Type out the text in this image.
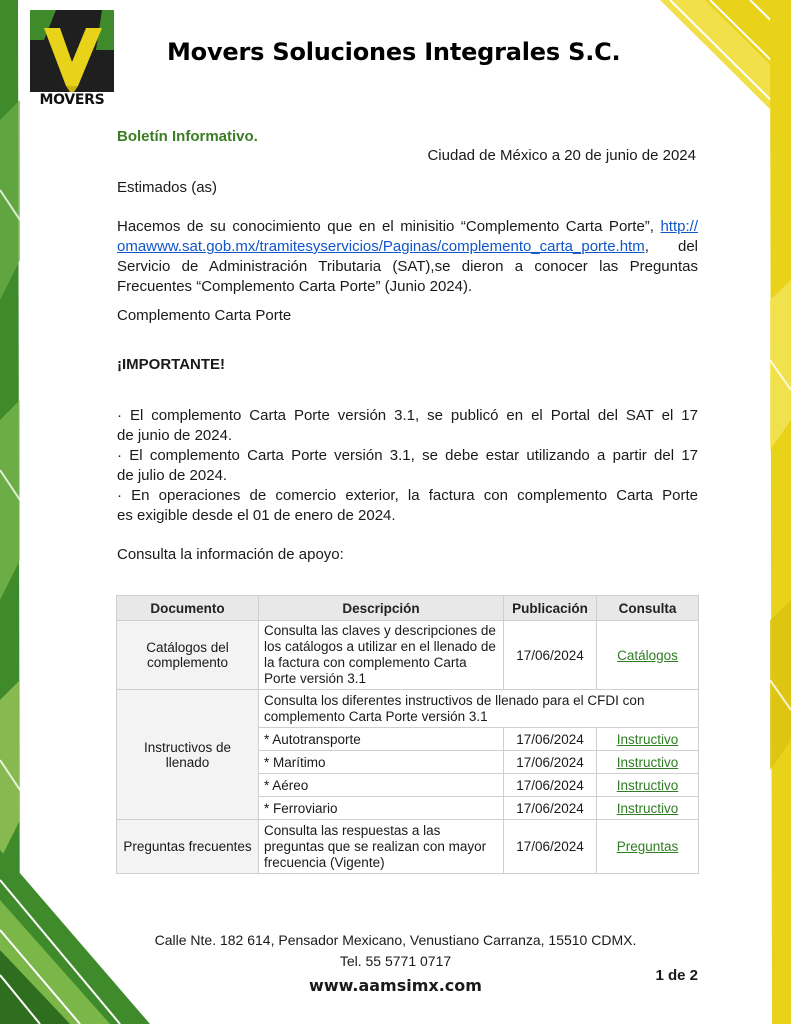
MOVERS
Movers Soluciones Integrales S.C.
Boletín Informativo.
Ciudad de México a 20 de junio de 2024
Estimados (as)
Hacemos de su conocimiento que en el minisitio “Complemento Carta Porte”, http://
omawww.sat.gob.mx/tramitesyservicios/Paginas/complemento_carta_porte.htm, del
Servicio de Administración Tributaria (SAT),se dieron a conocer las Preguntas
Frecuentes “Complemento Carta Porte” (Junio 2024).
Complemento Carta Porte
¡IMPORTANTE!
· El complemento Carta Porte versión 3.1, se publicó en el Portal del SAT el 17
de junio de 2024.
· El complemento Carta Porte versión 3.1, se debe estar utilizando a partir del 17
de julio de 2024.
· En operaciones de comercio exterior, la factura con complemento Carta Porte
es exigible desde el 01 de enero de 2024.
Consulta la información de apoyo:
Documento	Descripción	Publicación	Consulta
Catálogos del complemento	Consulta las claves y descripciones de los catálogos a utilizar en el llenado de la factura con complemento Carta Porte versión 3.1	17/06/2024	Catálogos
Instructivos de llenado	Consulta los diferentes instructivos de llenado para el CFDI con complemento Carta Porte versión 3.1		
	* Autotransporte	17/06/2024	Instructivo
	* Marítimo	17/06/2024	Instructivo
	* Aéreo	17/06/2024	Instructivo
	* Ferroviario	17/06/2024	Instructivo
Preguntas frecuentes	Consulta las respuestas a las preguntas que se realizan con mayor frecuencia (Vigente)	17/06/2024	Preguntas
Calle Nte. 182 614, Pensador Mexicano, Venustiano Carranza, 15510 CDMX.
Tel. 55 5771 0717
www.aamsimx.com
1 de 2
